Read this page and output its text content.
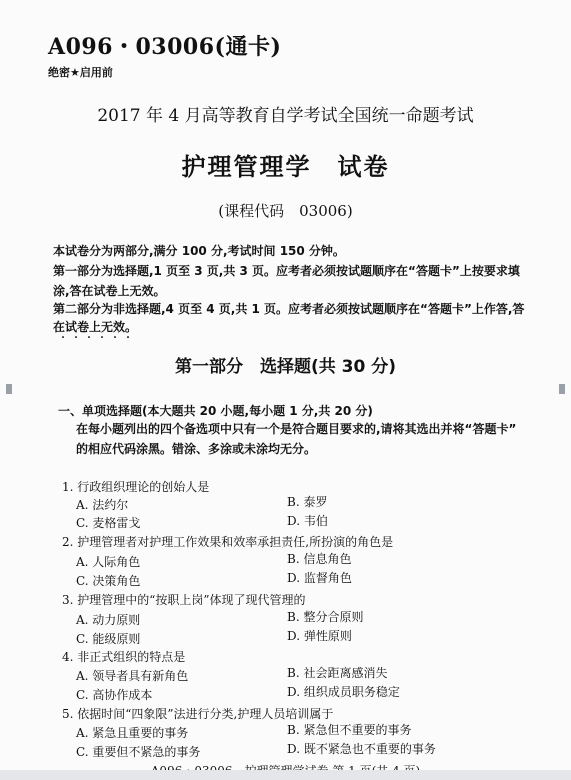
A096・03006(通卡)
绝密★启用前
2017 年 4 月高等教育自学考试全国统一命题考试
护理管理学　试卷
(课程代码　03006)
本试卷分为两部分,满分 100 分,考试时间 150 分钟。
第一部分为选择题,1 页至 3 页,共 3 页。应考者必须按试题顺序在“答题卡”上按要求填
涂,答在试卷上无效。
第二部分为非选择题,4 页至 4 页,共 1 页。应考者必须按试题顺序在“答题卡”上作答,答
在试卷上无效。
・・・・・・
第一部分　选择题(共 30 分)
一、单项选择题(本大题共 20 小题,每小题 1 分,共 20 分)
在每小题列出的四个备选项中只有一个是符合题目要求的,请将其选出并将“答题卡”
的相应代码涂黑。错涂、多涂或未涂均无分。
1. 行政组织理论的创始人是
A. 法约尔	B. 泰罗
C. 麦格雷戈	D. 韦伯
2. 护理管理者对护理工作效果和效率承担责任,所扮演的角色是
A. 人际角色	B. 信息角色
C. 决策角色	D. 监督角色
3. 护理管理中的“按职上岗”体现了现代管理的
A. 动力原则	B. 整分合原则
C. 能级原则	D. 弹性原则
4. 非正式组织的特点是
A. 领导者具有新角色	B. 社会距离感消失
C. 高协作成本	D. 组织成员职务稳定
5. 依据时间“四象限”法进行分类,护理人员培训属于
A. 紧急且重要的事务	B. 紧急但不重要的事务
C. 重要但不紧急的事务	D. 既不紧急也不重要的事务
